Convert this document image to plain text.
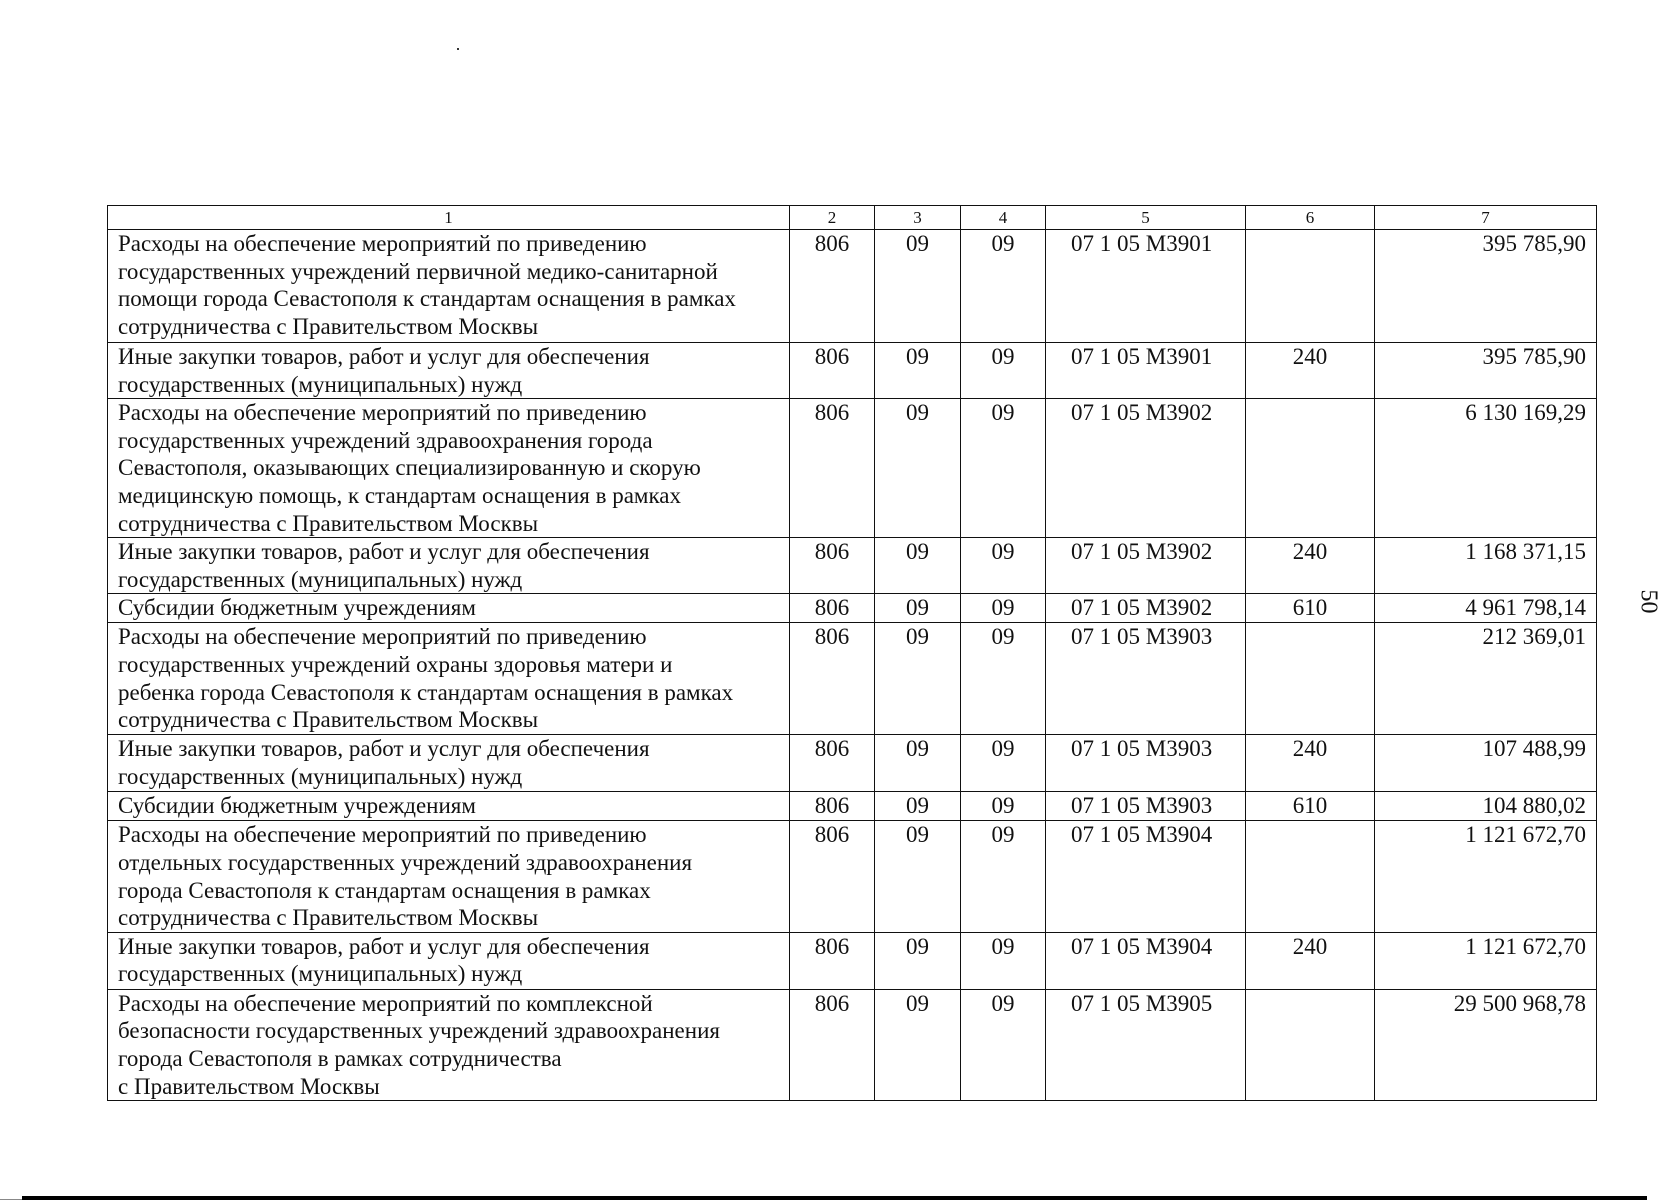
1	2	3	4	5	6	7
Расходы на обеспечение мероприятий по приведению
государственных учреждений первичной медико-санитарной
помощи города Севастополя к стандартам оснащения в рамках
сотрудничества с Правительством Москвы	806	09	09	07 1 05 M3901		395 785,90
Иные закупки товаров, работ и услуг для обеспечения
государственных (муниципальных) нужд	806	09	09	07 1 05 M3901	240	395 785,90
Расходы на обеспечение мероприятий по приведению
государственных учреждений здравоохранения города
Севастополя, оказывающих специализированную и скорую
медицинскую помощь, к стандартам оснащения в рамках
сотрудничества с Правительством Москвы	806	09	09	07 1 05 M3902		6 130 169,29
Иные закупки товаров, работ и услуг для обеспечения
государственных (муниципальных) нужд	806	09	09	07 1 05 M3902	240	1 168 371,15
Субсидии бюджетным учреждениям	806	09	09	07 1 05 M3902	610	4 961 798,14
Расходы на обеспечение мероприятий по приведению
государственных учреждений охраны здоровья матери и
ребенка города Севастополя к стандартам оснащения в рамках
сотрудничества с Правительством Москвы	806	09	09	07 1 05 M3903		212 369,01
Иные закупки товаров, работ и услуг для обеспечения
государственных (муниципальных) нужд	806	09	09	07 1 05 M3903	240	107 488,99
Субсидии бюджетным учреждениям	806	09	09	07 1 05 M3903	610	104 880,02
Расходы на обеспечение мероприятий по приведению
отдельных государственных учреждений здравоохранения
города Севастополя к стандартам оснащения в рамках
сотрудничества с Правительством Москвы	806	09	09	07 1 05 M3904		1 121 672,70
Иные закупки товаров, работ и услуг для обеспечения
государственных (муниципальных) нужд	806	09	09	07 1 05 M3904	240	1 121 672,70
Расходы на обеспечение мероприятий по комплексной
безопасности государственных учреждений здравоохранения
города Севастополя в рамках сотрудничества
с Правительством Москвы	806	09	09	07 1 05 M3905		29 500 968,78
50
